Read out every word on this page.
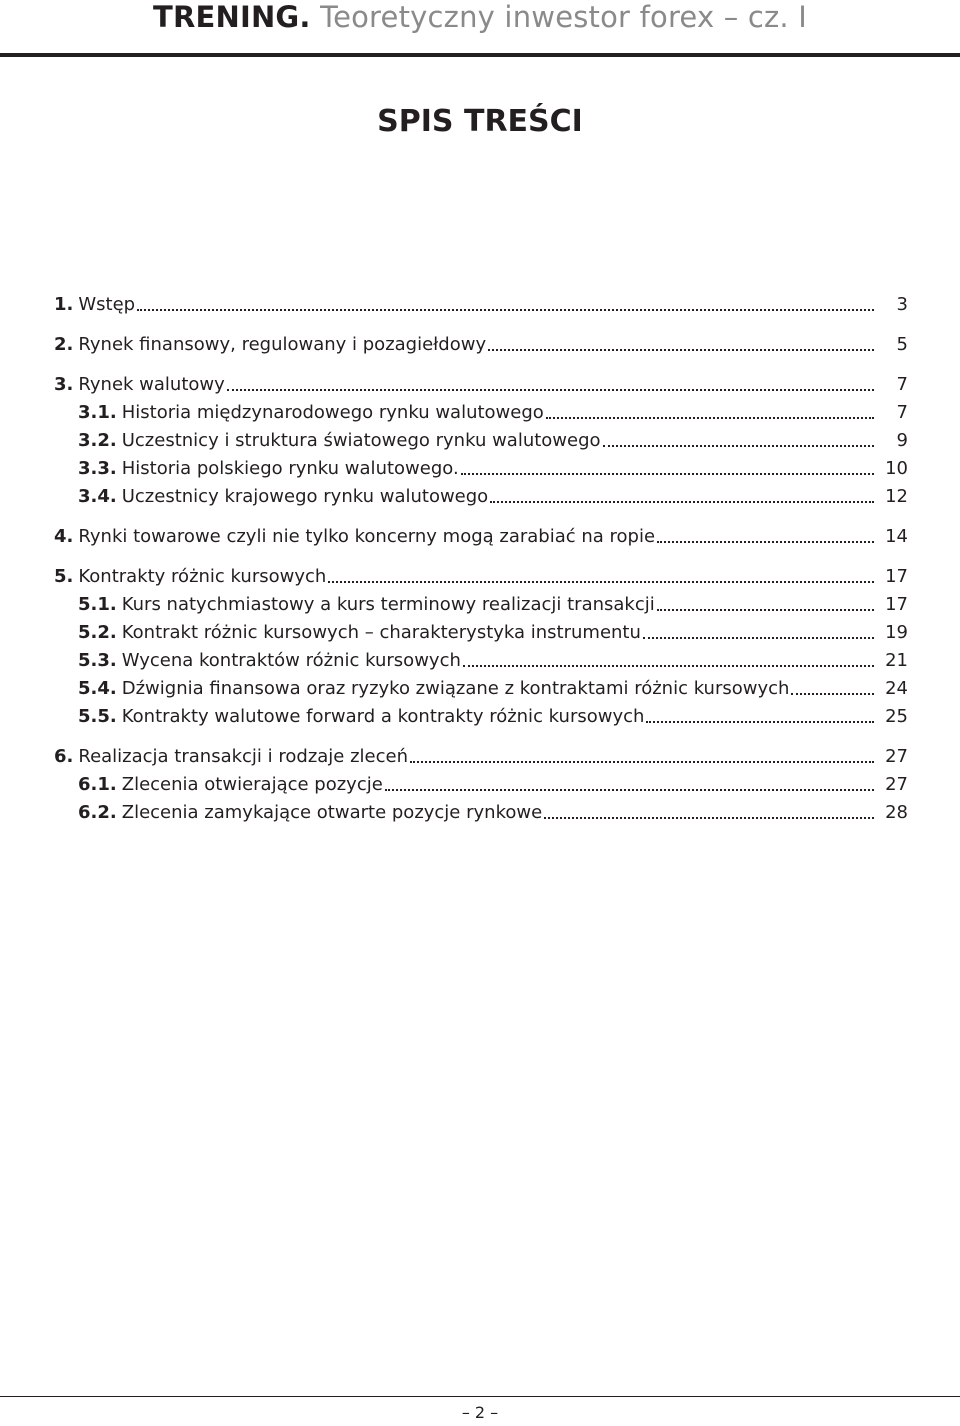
TRENING. Teoretyczny inwestor forex – cz. I
SPIS TREŚCI
1. Wstęp	3
2. Rynek finansowy, regulowany i pozagiełdowy	5
3. Rynek walutowy	7
3.1. Historia międzynarodowego rynku walutowego	7
3.2. Uczestnicy i struktura światowego rynku walutowego	9
3.3. Historia polskiego rynku walutowego.	10
3.4. Uczestnicy krajowego rynku walutowego	12
4. Rynki towarowe czyli nie tylko koncerny mogą zarabiać na ropie	14
5. Kontrakty różnic kursowych	17
5.1. Kurs natychmiastowy a kurs terminowy realizacji transakcji	17
5.2. Kontrakt różnic kursowych – charakterystyka instrumentu	19
5.3. Wycena kontraktów różnic kursowych	21
5.4. Dźwignia finansowa oraz ryzyko związane z kontraktami różnic kursowych	24
5.5. Kontrakty walutowe forward a kontrakty różnic kursowych	25
6. Realizacja transakcji i rodzaje zleceń	27
6.1. Zlecenia otwierające pozycje	27
6.2. Zlecenia zamykające otwarte pozycje rynkowe	28
– 2 –
